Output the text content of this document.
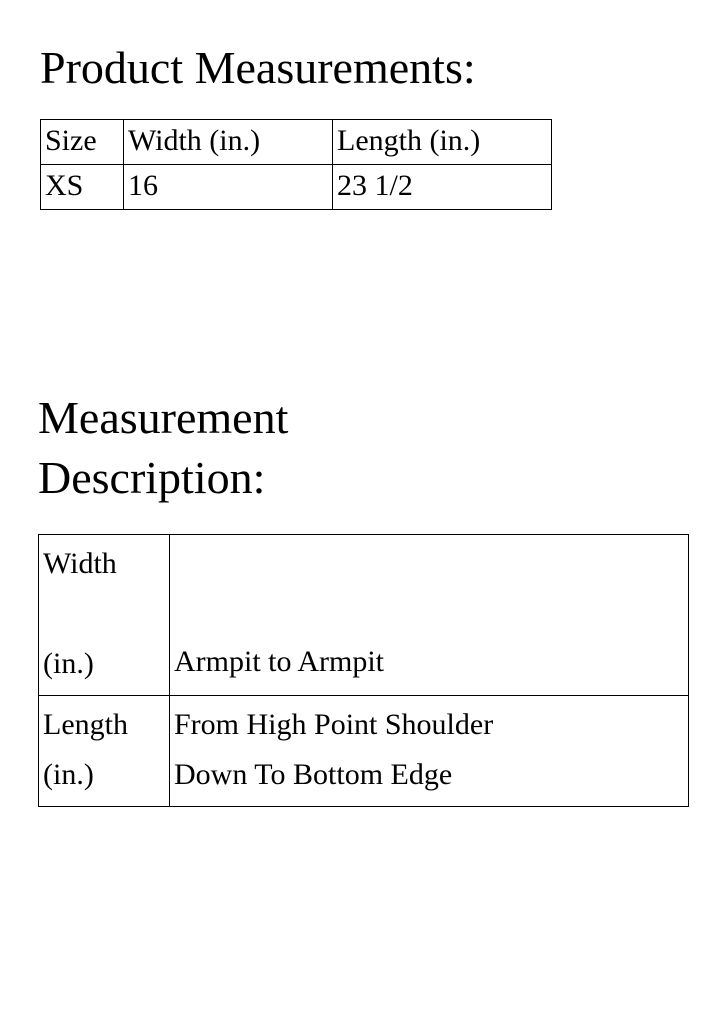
Product Measurements:
Size	Width (in.)	Length (in.)
XS	16	23 1/2
Measurement
Description:
Width
(in.)	Armpit to Armpit
Length
(in.)	From High Point Shoulder
Down To Bottom Edge
